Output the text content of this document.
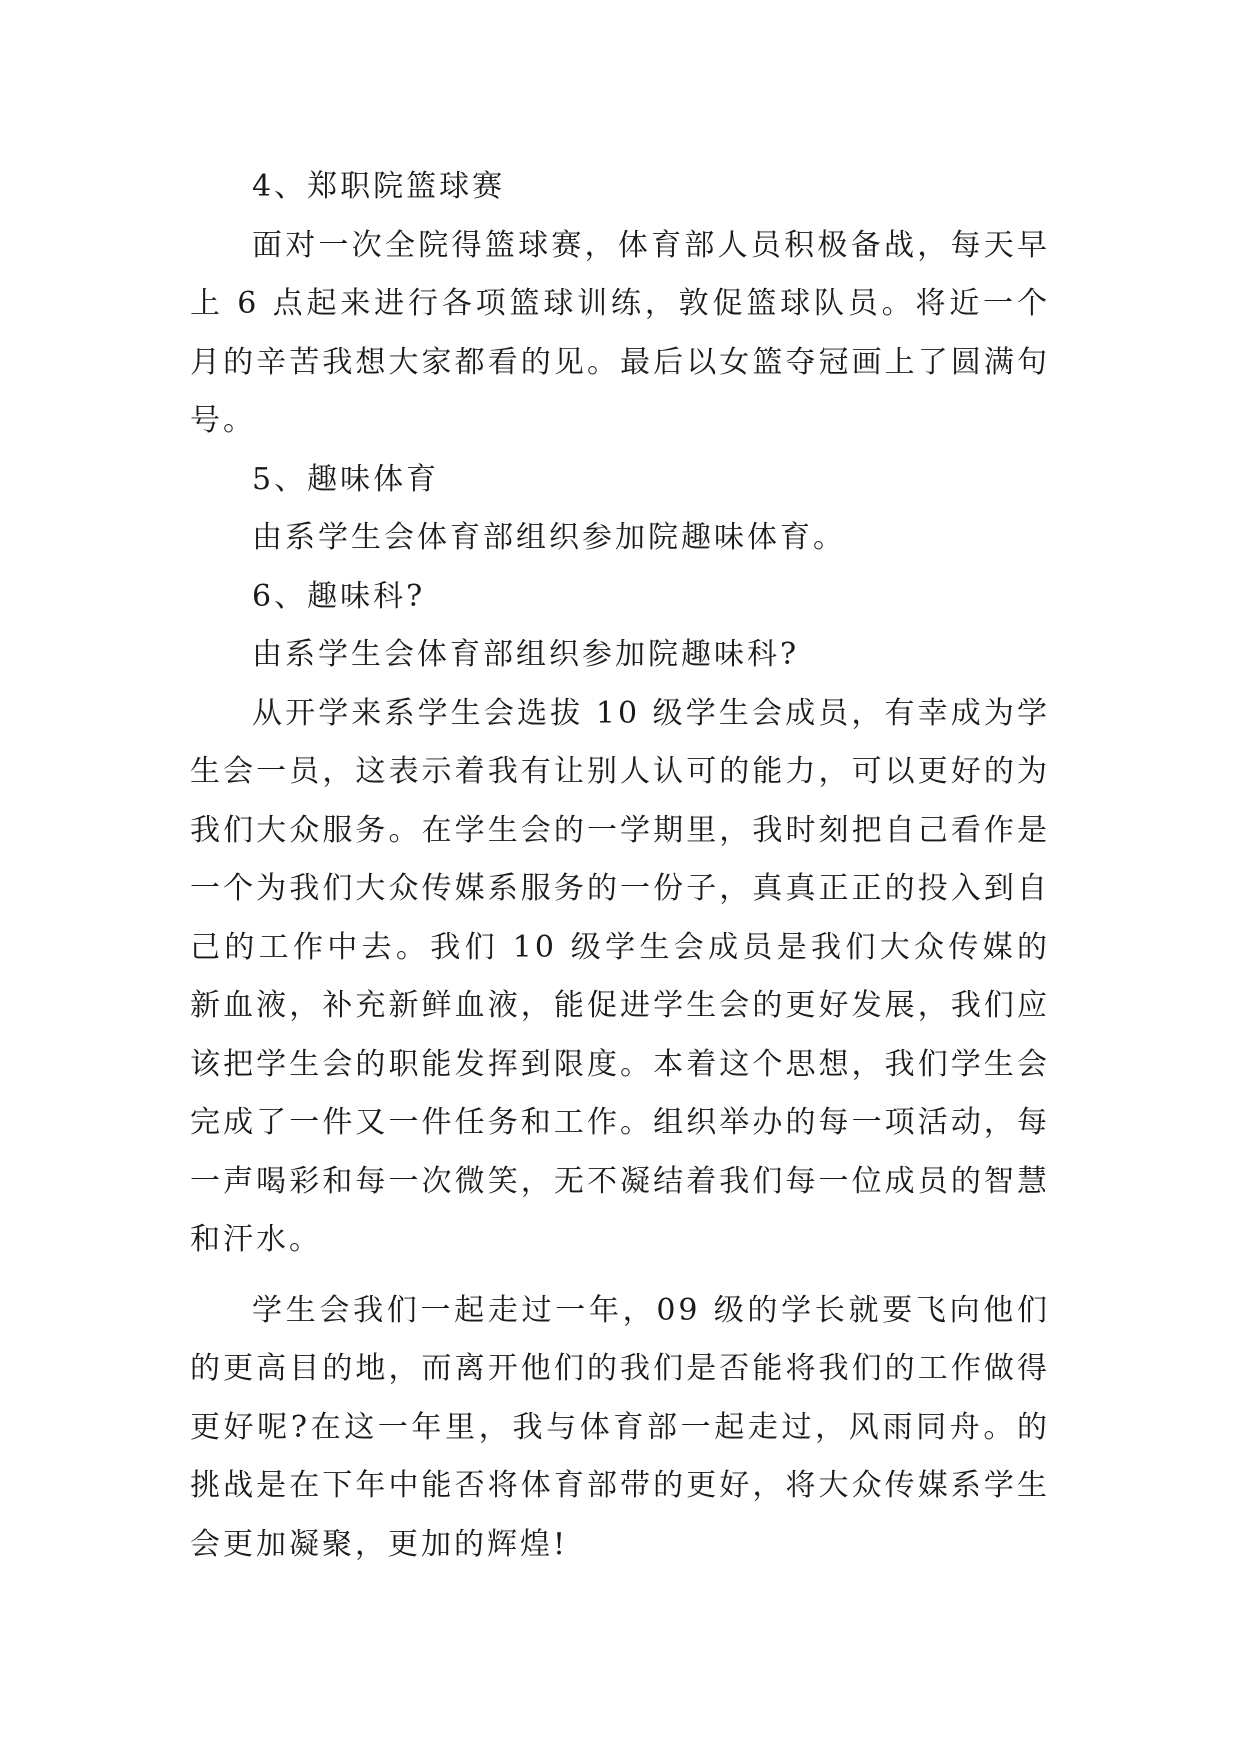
4、郑职院篮球赛

面对一次全院得篮球赛，体育部人员积极备战，每天早上 6 点起来进行各项篮球训练，敦促篮球队员。将近一个月的辛苦我想大家都看的见。最后以女篮夺冠画上了圆满句号。

5、趣味体育

由系学生会体育部组织参加院趣味体育。

6、趣味科?

由系学生会体育部组织参加院趣味科?

从开学来系学生会选拔 10 级学生会成员，有幸成为学生会一员，这表示着我有让别人认可的能力，可以更好的为我们大众服务。在学生会的一学期里，我时刻把自己看作是一个为我们大众传媒系服务的一份子，真真正正的投入到自己的工作中去。我们 10 级学生会成员是我们大众传媒的新血液，补充新鲜血液，能促进学生会的更好发展，我们应该把学生会的职能发挥到限度。本着这个思想，我们学生会完成了一件又一件任务和工作。组织举办的每一项活动，每一声喝彩和每一次微笑，无不凝结着我们每一位成员的智慧和汗水。

学生会我们一起走过一年，09 级的学长就要飞向他们的更高目的地，而离开他们的我们是否能将我们的工作做得更好呢?在这一年里，我与体育部一起走过，风雨同舟。的挑战是在下年中能否将体育部带的更好，将大众传媒系学生会更加凝聚，更加的辉煌!
